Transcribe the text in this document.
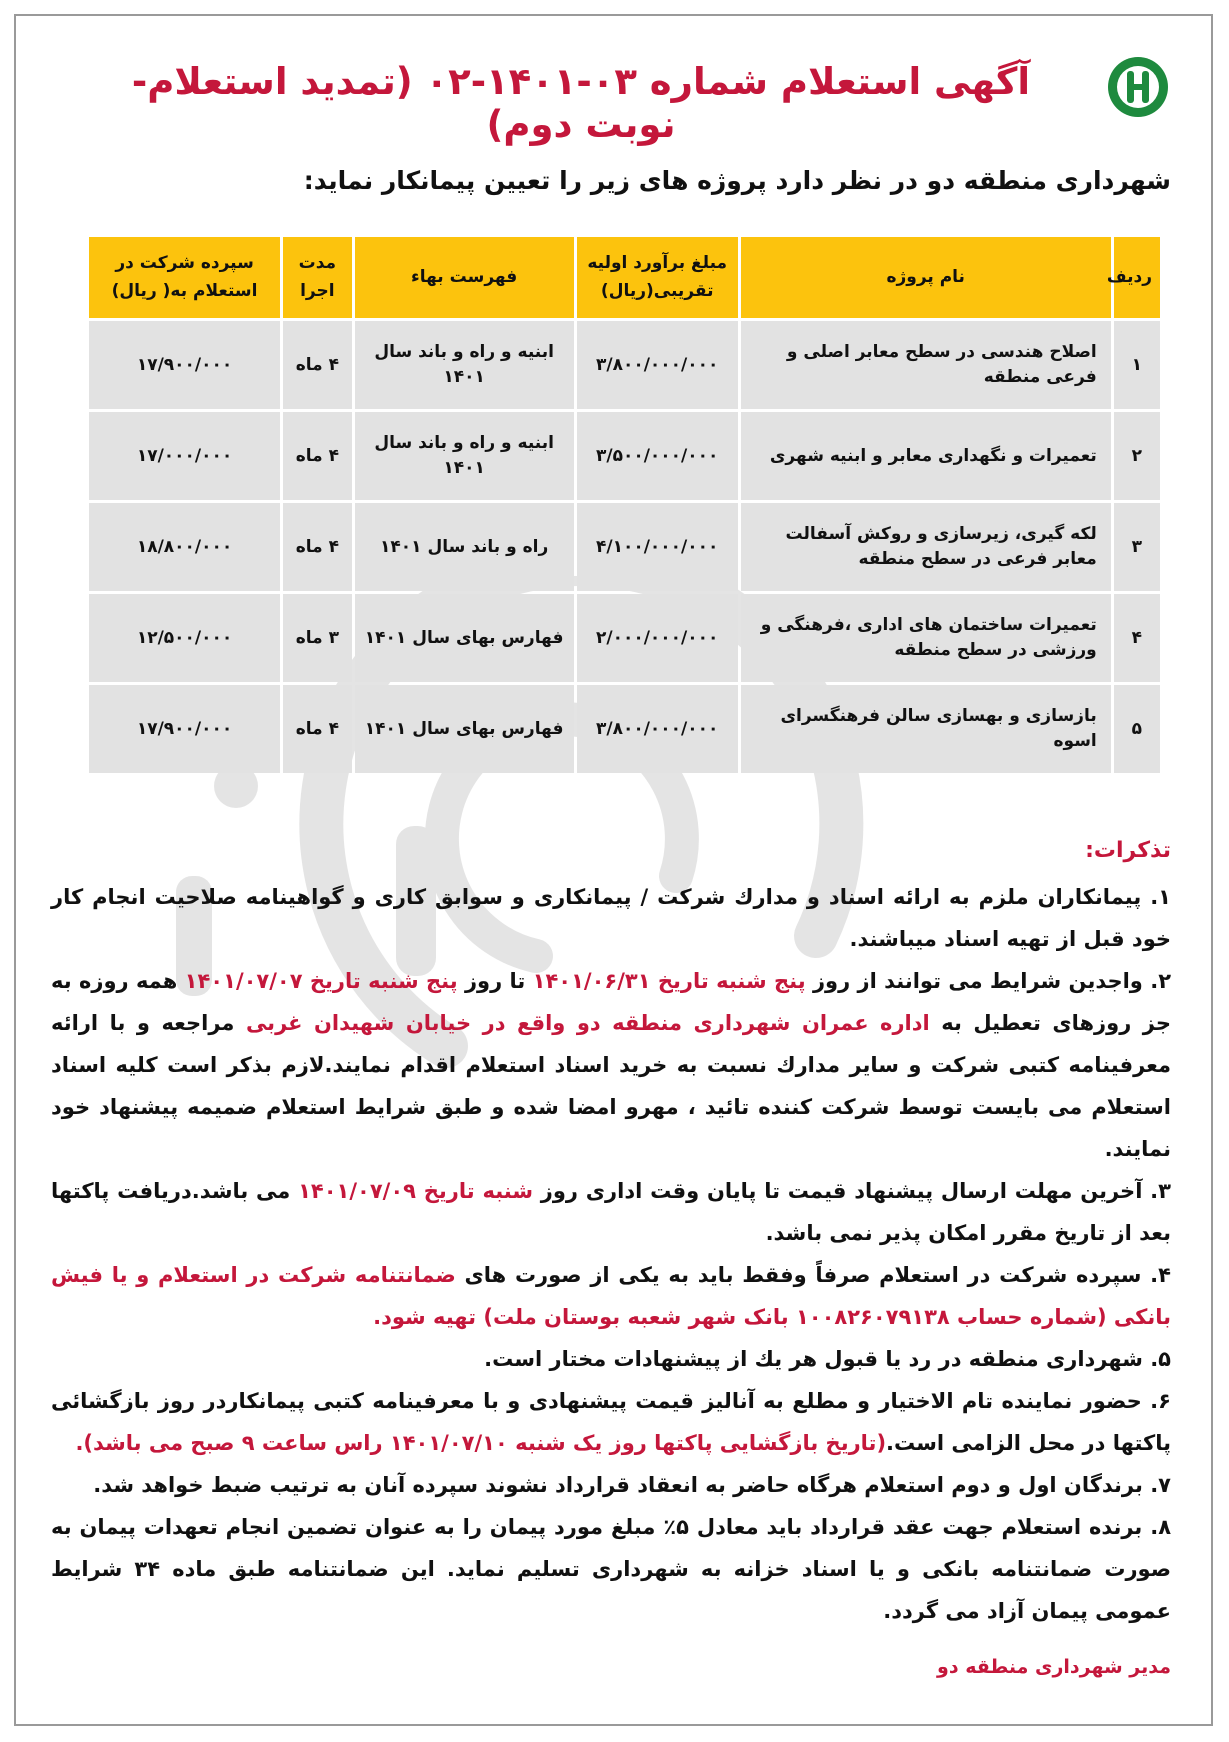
آگهی استعلام شماره ۰۳-۱۴۰۱-۰۲ (تمدید استعلام-نوبت دوم)

شهرداری منطقه دو در نظر دارد پروژه های زیر را تعیین پیمانکار نماید:

ردیف	نام پروژه	مبلغ برآورد اولیه تقریبی(ریال)	فهرست بهاء	مدت اجرا	سپرده شرکت در استعلام به( ریال)
۱	اصلاح هندسی در سطح معابر اصلی و فرعی منطقه	۳/۸۰۰/۰۰۰/۰۰۰	ابنیه و راه و باند سال ۱۴۰۱	۴ ماه	۱۷/۹۰۰/۰۰۰
۲	تعمیرات و نگهداری معابر و ابنیه شهری	۳/۵۰۰/۰۰۰/۰۰۰	ابنیه و راه و باند سال ۱۴۰۱	۴ ماه	۱۷/۰۰۰/۰۰۰
۳	لکه گیری، زیرسازی و روکش آسفالت معابر فرعی در سطح منطقه	۴/۱۰۰/۰۰۰/۰۰۰	راه و باند سال ۱۴۰۱	۴ ماه	۱۸/۸۰۰/۰۰۰
۴	تعمیرات ساختمان های اداری ،فرهنگی و ورزشی در سطح منطقه	۲/۰۰۰/۰۰۰/۰۰۰	فهارس بهای سال ۱۴۰۱	۳ ماه	۱۲/۵۰۰/۰۰۰
۵	بازسازی و بهسازی سالن فرهنگسرای اسوه	۳/۸۰۰/۰۰۰/۰۰۰	فهارس بهای سال ۱۴۰۱	۴ ماه	۱۷/۹۰۰/۰۰۰

تذکرات:

۱. پیمانکاران ملزم به ارائه اسناد و مدارك شرکت / پیمانکاری و سوابق کاری و گواهینامه صلاحیت انجام کار خود قبل از تهیه اسناد میباشند.

۲. واجدین شرایط می توانند از روز پنج شنبه تاریخ ۱۴۰۱/۰۶/۳۱ تا روز پنج شنبه تاریخ ۱۴۰۱/۰۷/۰۷ همه روزه به جز روزهای تعطیل به اداره عمران شهرداری منطقه دو واقع در خیابان شهیدان غربی مراجعه و با ارائه معرفینامه کتبی شرکت و سایر مدارك نسبت به خرید اسناد استعلام اقدام نمایند.لازم بذکر است کلیه اسناد استعلام می بایست توسط شرکت کننده تائید ، مهرو امضا شده و طبق شرایط استعلام ضمیمه پیشنهاد خود نمایند.

۳. آخرین مهلت ارسال پیشنهاد قیمت تا پایان وقت اداری روز شنبه تاریخ ۱۴۰۱/۰۷/۰۹ می باشد.دریافت پاکتها بعد از تاریخ مقرر امکان پذیر نمی باشد.

۴. سپرده شرکت در استعلام صرفاً وفقط باید به یکی از صورت های ضمانتنامه شرکت در استعلام و یا فیش بانکی (شماره حساب ۱۰۰۸۲۶۰۷۹۱۳۸ بانک شهر شعبه بوستان ملت) تهیه شود.

۵. شهرداری منطقه در رد یا قبول هر یك از پیشنهادات مختار است.

۶. حضور نماینده تام الاختیار و مطلع به آنالیز قیمت پیشنهادی و با معرفینامه کتبی پیمانکاردر روز بازگشائی پاکتها در محل الزامی است.(تاریخ بازگشایی پاکتها روز یک شنبه ۱۴۰۱/۰۷/۱۰ راس ساعت ۹ صبح می باشد).

۷. برندگان اول و دوم استعلام هرگاه حاضر به انعقاد قرارداد نشوند سپرده آنان به ترتیب ضبط خواهد شد.

۸. برنده استعلام جهت عقد قرارداد باید معادل ۵٪ مبلغ مورد پیمان را به عنوان تضمین انجام تعهدات پیمان به صورت ضمانتنامه بانکی و یا اسناد خزانه به شهرداری تسلیم نماید. این ضمانتنامه طبق ماده ۳۴ شرایط عمومی پیمان آزاد می گردد.

مدیر شهرداری منطقه دو
